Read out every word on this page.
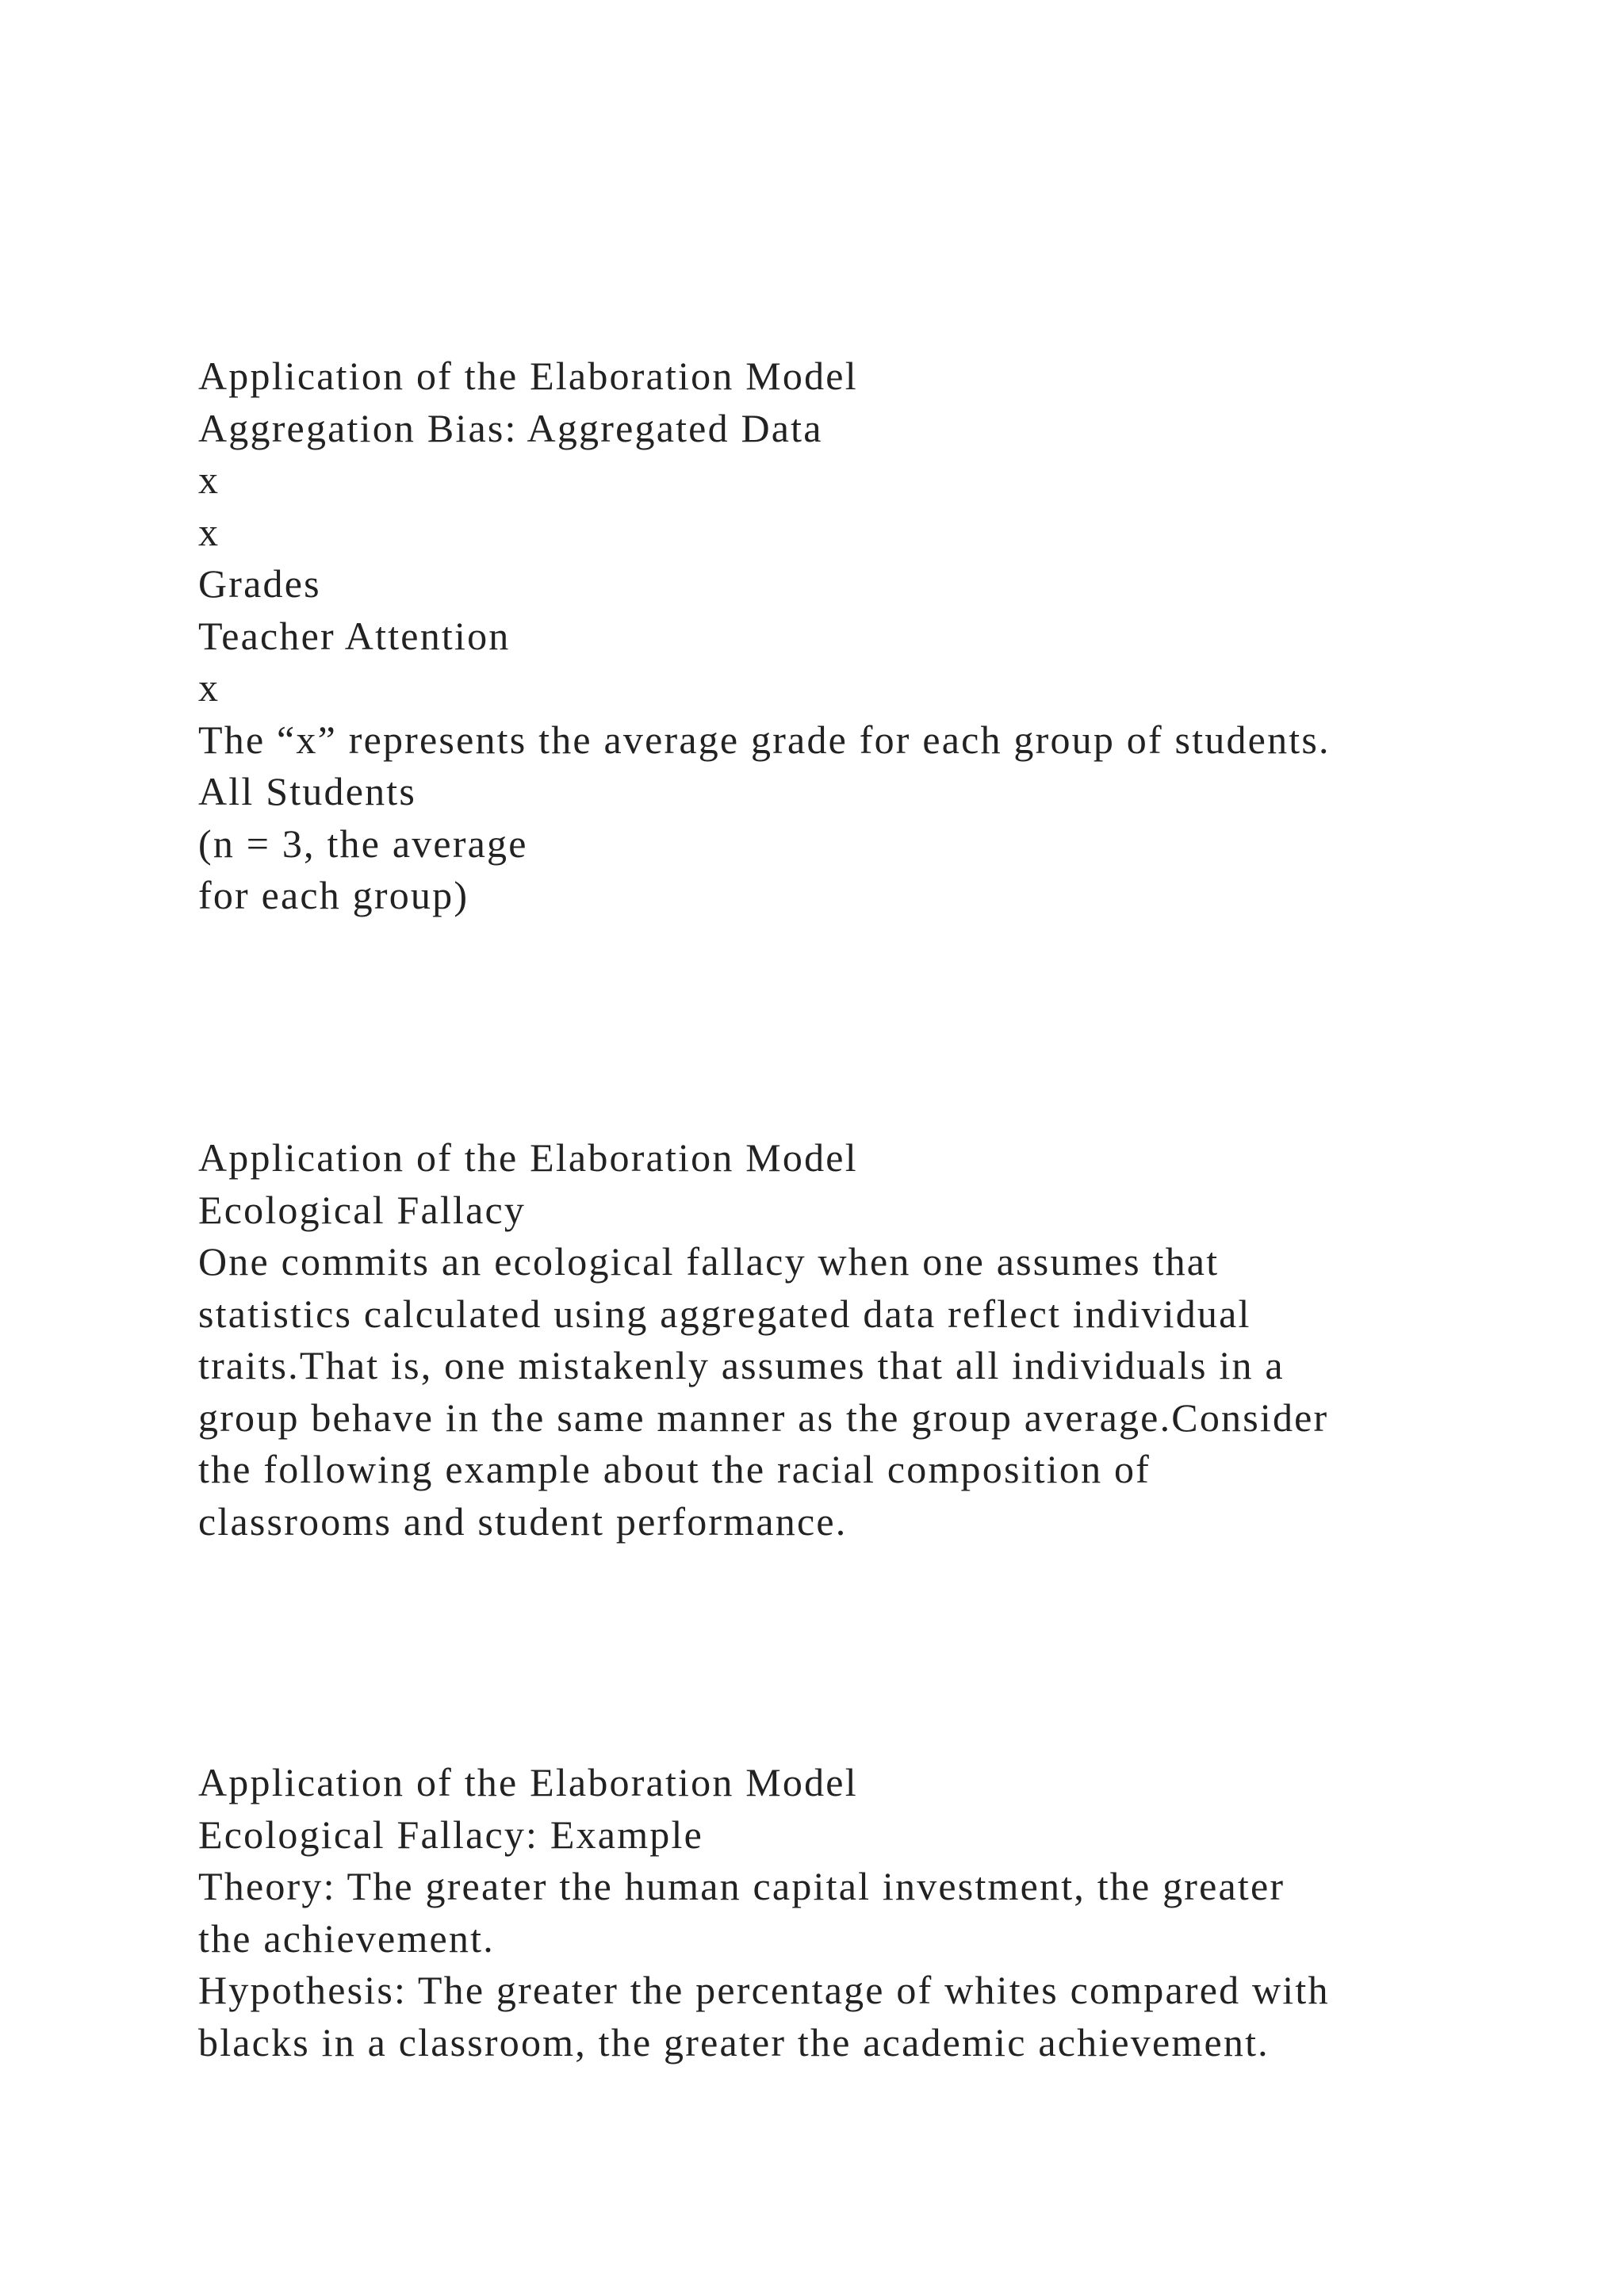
Application of the Elaboration Model
Aggregation Bias: Aggregated Data
x
x
Grades
Teacher Attention
x
The “x” represents the average grade for each group of students.
All Students
(n = 3, the average
for each group)
Application of the Elaboration Model
Ecological Fallacy
One commits an ecological fallacy when one assumes that
statistics calculated using aggregated data reflect individual
traits.That is, one mistakenly assumes that all individuals in a
group behave in the same manner as the group average.Consider
the following example about the racial composition of
classrooms and student performance.
Application of the Elaboration Model
Ecological Fallacy: Example
Theory: The greater the human capital investment, the greater
the achievement.
Hypothesis: The greater the percentage of whites compared with
blacks in a classroom, the greater the academic achievement.
